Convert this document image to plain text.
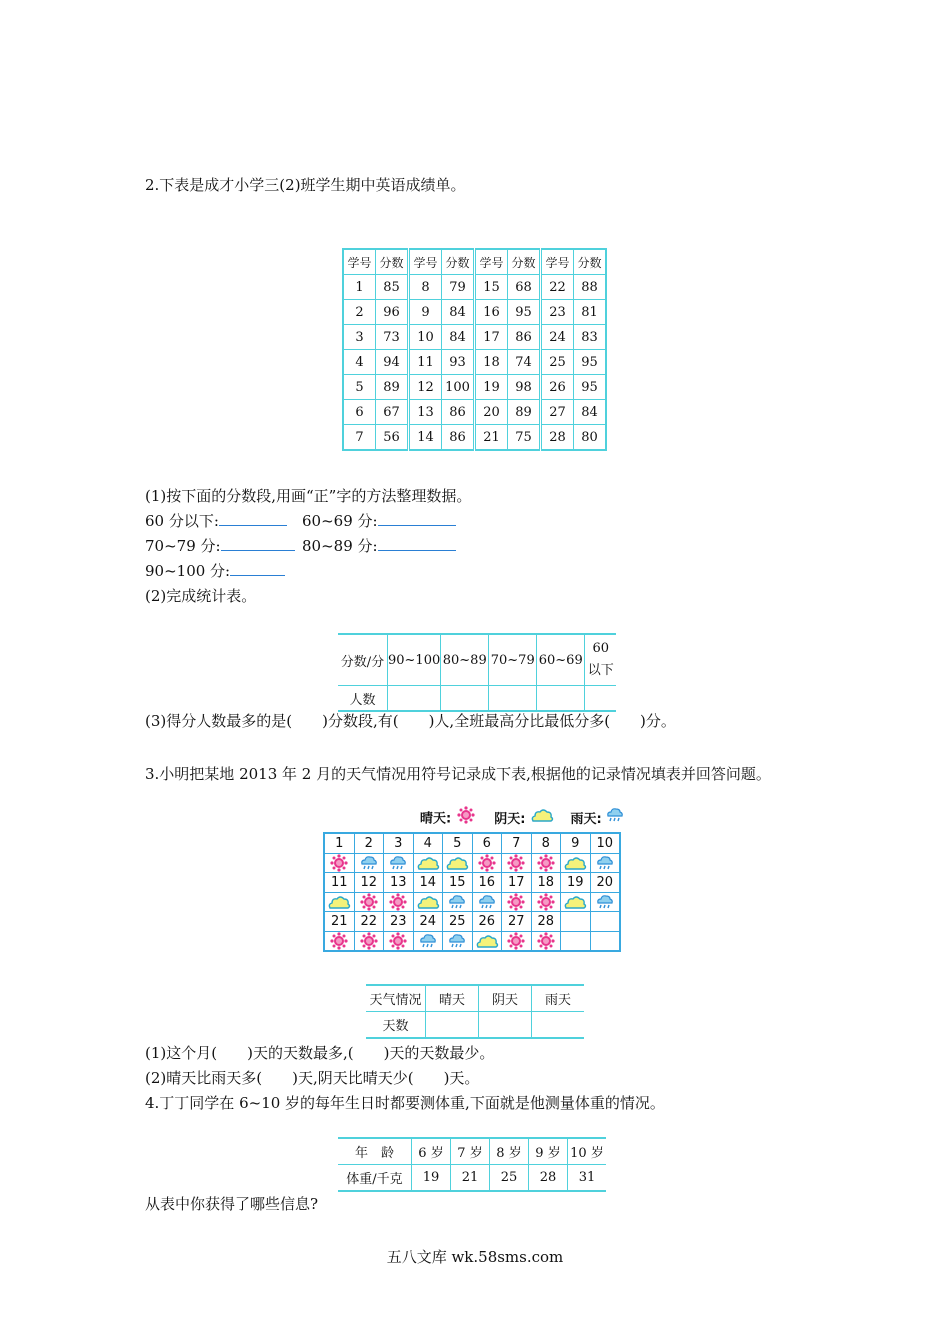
2.下表是成才小学三(2)班学生期中英语成绩单。
学号	分数	学号	分数	学号	分数	学号	分数
1	85	8	79	15	68	22	88
2	96	9	84	16	95	23	81
3	73	10	84	17	86	24	83
4	94	11	93	18	74	25	95
5	89	12	100	19	98	26	95
6	67	13	86	20	89	27	84
7	56	14	86	21	75	28	80
(1)按下面的分数段,用画“正”字的方法整理数据。
60 分以下:	60~69 分:
70~79 分:	80~89 分:
90~100 分:
(2)完成统计表。
分数/分	90~100	80~89	70~79	60~69	60
以下

人数					
(3)得分人数最多的是(　　)分数段,有(　　)人,全班最高分比最低分多(　　)分。
3.小明把某地 2013 年 2 月的天气情况用符号记录成下表,根据他的记录情况填表并回答问题。
晴天:	阴天:	雨天:
1	2	3	4	5	6	7	8	9	10

11	12	13	14	15	16	17	18	19	20

21	22	23	24	25	26	27	28		

天气情况	晴天	阴天	雨天
天数			
(1)这个月(　　)天的天数最多,(　　)天的天数最少。
(2)晴天比雨天多(　　)天,阴天比晴天少(　　)天。
4.丁丁同学在 6~10 岁的每年生日时都要测体重,下面就是他测量体重的情况。
年　龄	6 岁	7 岁	8 岁	9 岁	10 岁
体重/千克	19	21	25	28	31
从表中你获得了哪些信息?
五八文库 wk.58sms.com
